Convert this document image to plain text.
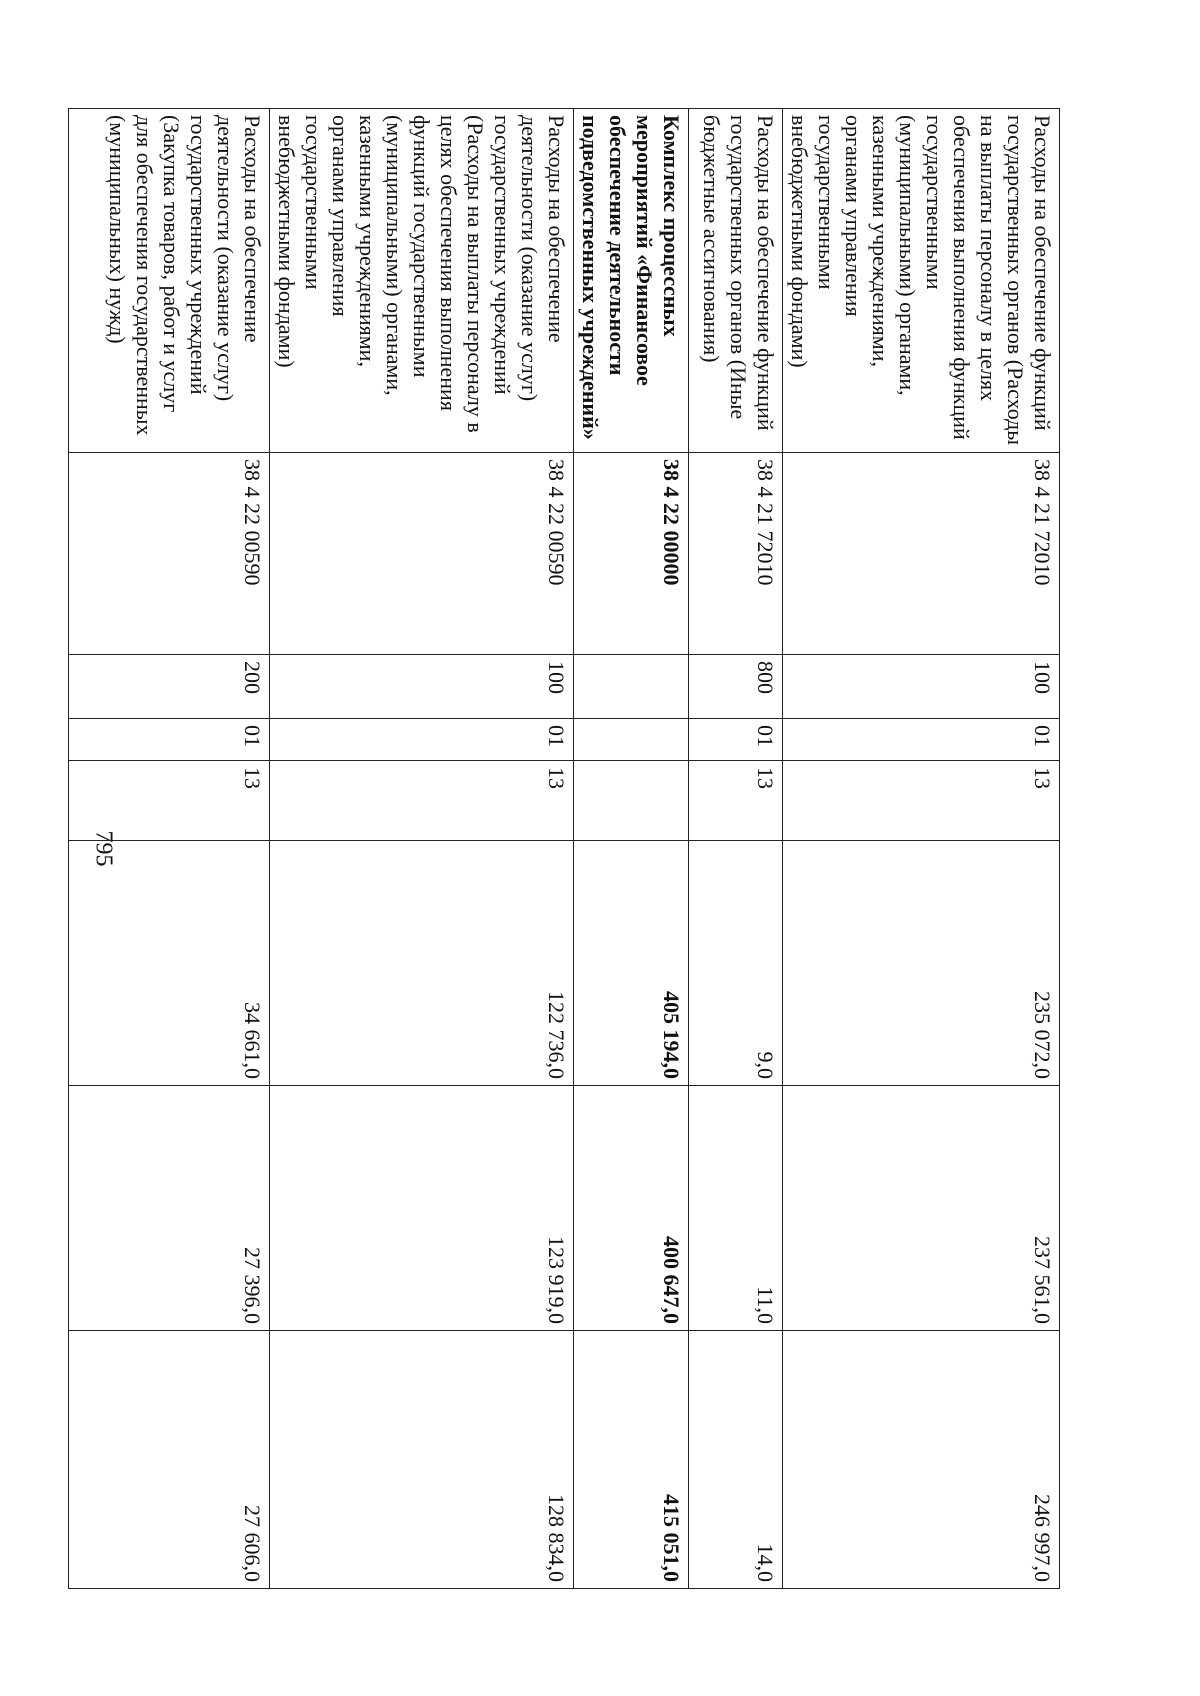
795
Расходы на обеспечение функций государственных органов (Расходы на выплаты персоналу в целях обеспечения выполнения функций государственными (муниципальными) органами, казенными учреждениями, органами управления государственными внебюджетными фондами)	38 4 21 72010	100	01	13	235 072,0	237 561,0	246 997,0
Расходы на обеспечение функций государственных органов (Иные бюджетные ассигнования)	38 4 21 72010	800	01	13	9,0	11,0	14,0
Комплекс процессных мероприятий «Финансовое обеспечение деятельности подведомственных учреждений»	38 4 22 00000				405 194,0	400 647,0	415 051,0
Расходы на обеспечение деятельности (оказание услуг) государственных учреждений (Расходы на выплаты персоналу в целях обеспечения выполнения функций государственными (муниципальными) органами, казенными учреждениями, органами управления государственными внебюджетными фондами)	38 4 22 00590	100	01	13	122 736,0	123 919,0	128 834,0
Расходы на обеспечение деятельности (оказание услуг) государственных учреждений (Закупка товаров, работ и услуг для обеспечения государственных (муниципальных) нужд)	38 4 22 00590	200	01	13	34 661,0	27 396,0	27 606,0
